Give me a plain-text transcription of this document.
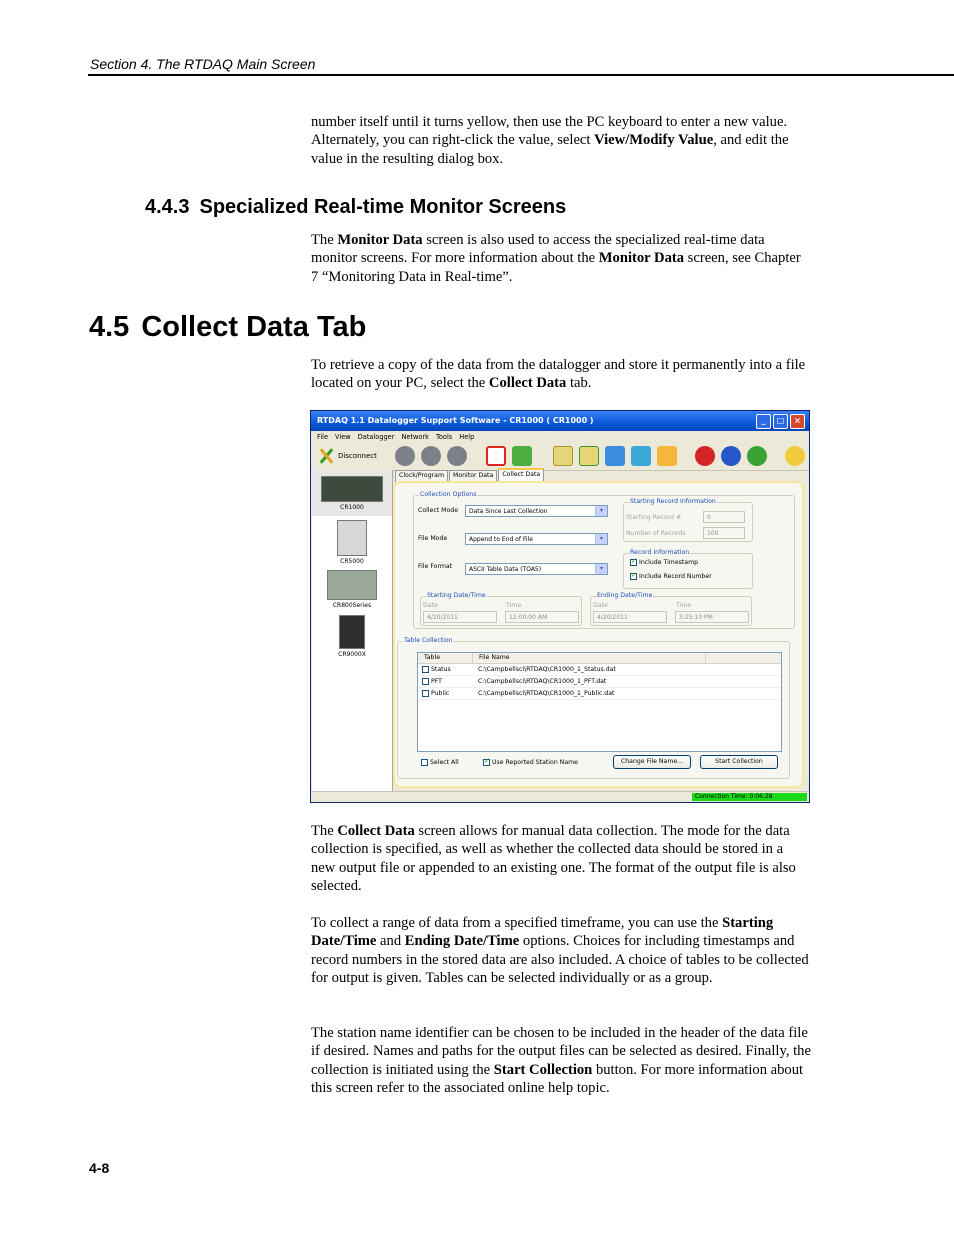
Section 4. The RTDAQ Main Screen

number itself until it turns yellow, then use the PC keyboard to enter a new value. Alternately, you can right-click the value, select View/Modify Value, and edit the value in the resulting dialog box.

4.4.3 Specialized Real-time Monitor Screens

The Monitor Data screen is also used to access the specialized real-time data monitor screens. For more information about the Monitor Data screen, see Chapter 7 “Monitoring Data in Real-time”.

4.5 Collect Data Tab

To retrieve a copy of the data from the datalogger and store it permanently into a file located on your PC, select the Collect Data tab.

RTDAQ 1.1 Datalogger Support Software - CR1000 ( CR1000 )	_	□	×
File View Datalogger Network Tools Help
Disconnect
CR1000
CR5000
CR800Series
CR9000X
Clock/Program	Monitor Data	Collect Data
Collection Options
Collect Mode	Data Since Last Collection	▾
File Mode	Append to End of File	▾
File Format	ASCII Table Data (TOA5)	▾
Starting Record Information
Starting Record #	0
Number of Records	100
Record Information
✓
Include Timestamp
✓
Include Record Number
Starting Date/Time
Date	Time
4/20/2011	12:00:00 AM
Ending Date/Time
Date	Time
4/20/2011	3:25:10 PM
Table Collection
Table	File Name
Status	C:\Campbellsci\RTDAQ\CR1000_1_Status.dat
PFT	C:\Campbellsci\RTDAQ\CR1000_1_PFT.dat
Public	C:\Campbellsci\RTDAQ\CR1000_1_Public.dat
Select All
✓	Use Reported Station Name	Change File Name...	Start Collection
Connection Time: 0:06:28

The Collect Data screen allows for manual data collection. The mode for the data collection is specified, as well as whether the collected data should be stored in a new output file or appended to an existing one. The format of the output file is also selected.

To collect a range of data from a specified timeframe, you can use the Starting Date/Time and Ending Date/Time options. Choices for including timestamps and record numbers in the stored data are also included. A choice of tables to be collected for output is given. Tables can be selected individually or as a group.

The station name identifier can be chosen to be included in the header of the data file if desired. Names and paths for the output files can be selected as desired. Finally, the collection is initiated using the Start Collection button. For more information about this screen refer to the associated online help topic.

4-8
